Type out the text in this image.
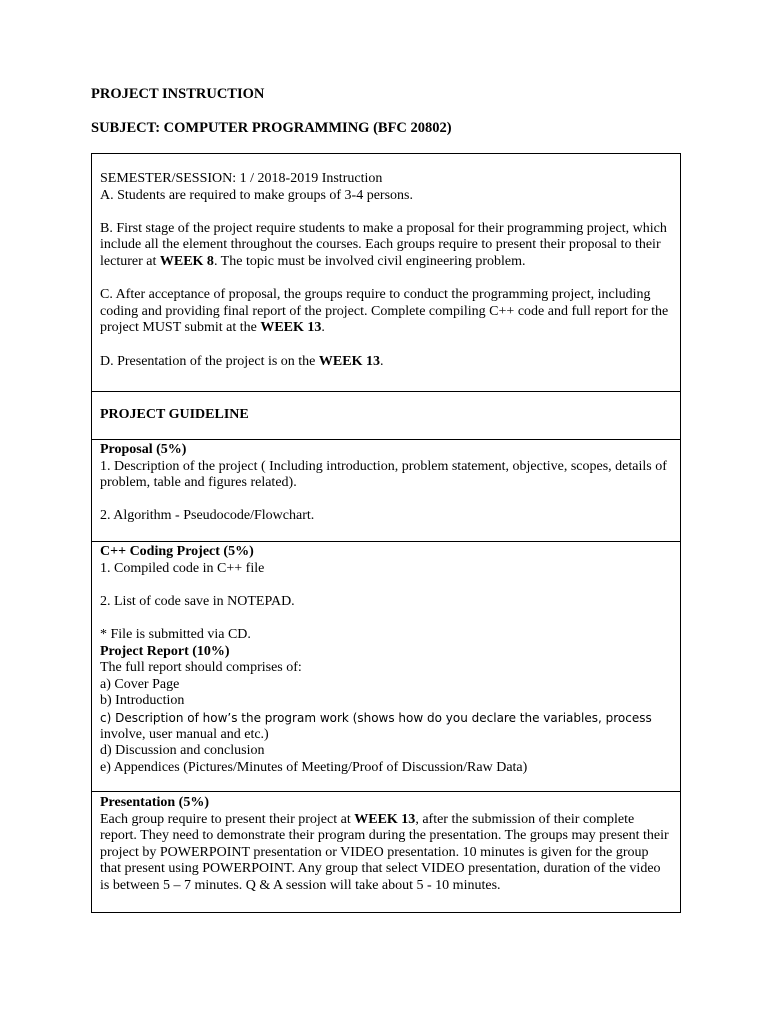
PROJECT INSTRUCTION
SUBJECT: COMPUTER PROGRAMMING (BFC 20802)

SEMESTER/SESSION: 1 / 2018-2019 Instruction

A. Students are required to make groups of 3-4 persons.

B. First stage of the project require students to make a proposal for their programming project, which include all the element throughout the courses. Each groups require to present their proposal to their lecturer at WEEK 8. The topic must be involved civil engineering problem.

C. After acceptance of proposal, the groups require to conduct the programming project, including coding and providing final report of the project. Complete compiling C++ code and full report for the project MUST submit at the WEEK 13.

D. Presentation of the project is on the WEEK 13.

PROJECT GUIDELINE

Proposal (5%)

1. Description of the project ( Including introduction, problem statement, objective, scopes, details of problem, table and figures related).

2. Algorithm - Pseudocode/Flowchart.

C++ Coding Project (5%)

1. Compiled code in C++ file

2. List of code save in NOTEPAD.

* File is submitted via CD.

Project Report (10%)

The full report should comprises of:

a) Cover Page

b) Introduction

c) Description of how’s the program work (shows how do you declare the variables, process

involve, user manual and etc.)

d) Discussion and conclusion

e) Appendices (Pictures/Minutes of Meeting/Proof of Discussion/Raw Data)

Presentation (5%)

Each group require to present their project at WEEK 13, after the submission of their complete report. They need to demonstrate their program during the presentation. The groups may present their project by POWERPOINT presentation or VIDEO presentation. 10 minutes is given for the group that present using POWERPOINT. Any group that select VIDEO presentation, duration of the video is between 5 – 7 minutes. Q & A session will take about 5 - 10 minutes.
